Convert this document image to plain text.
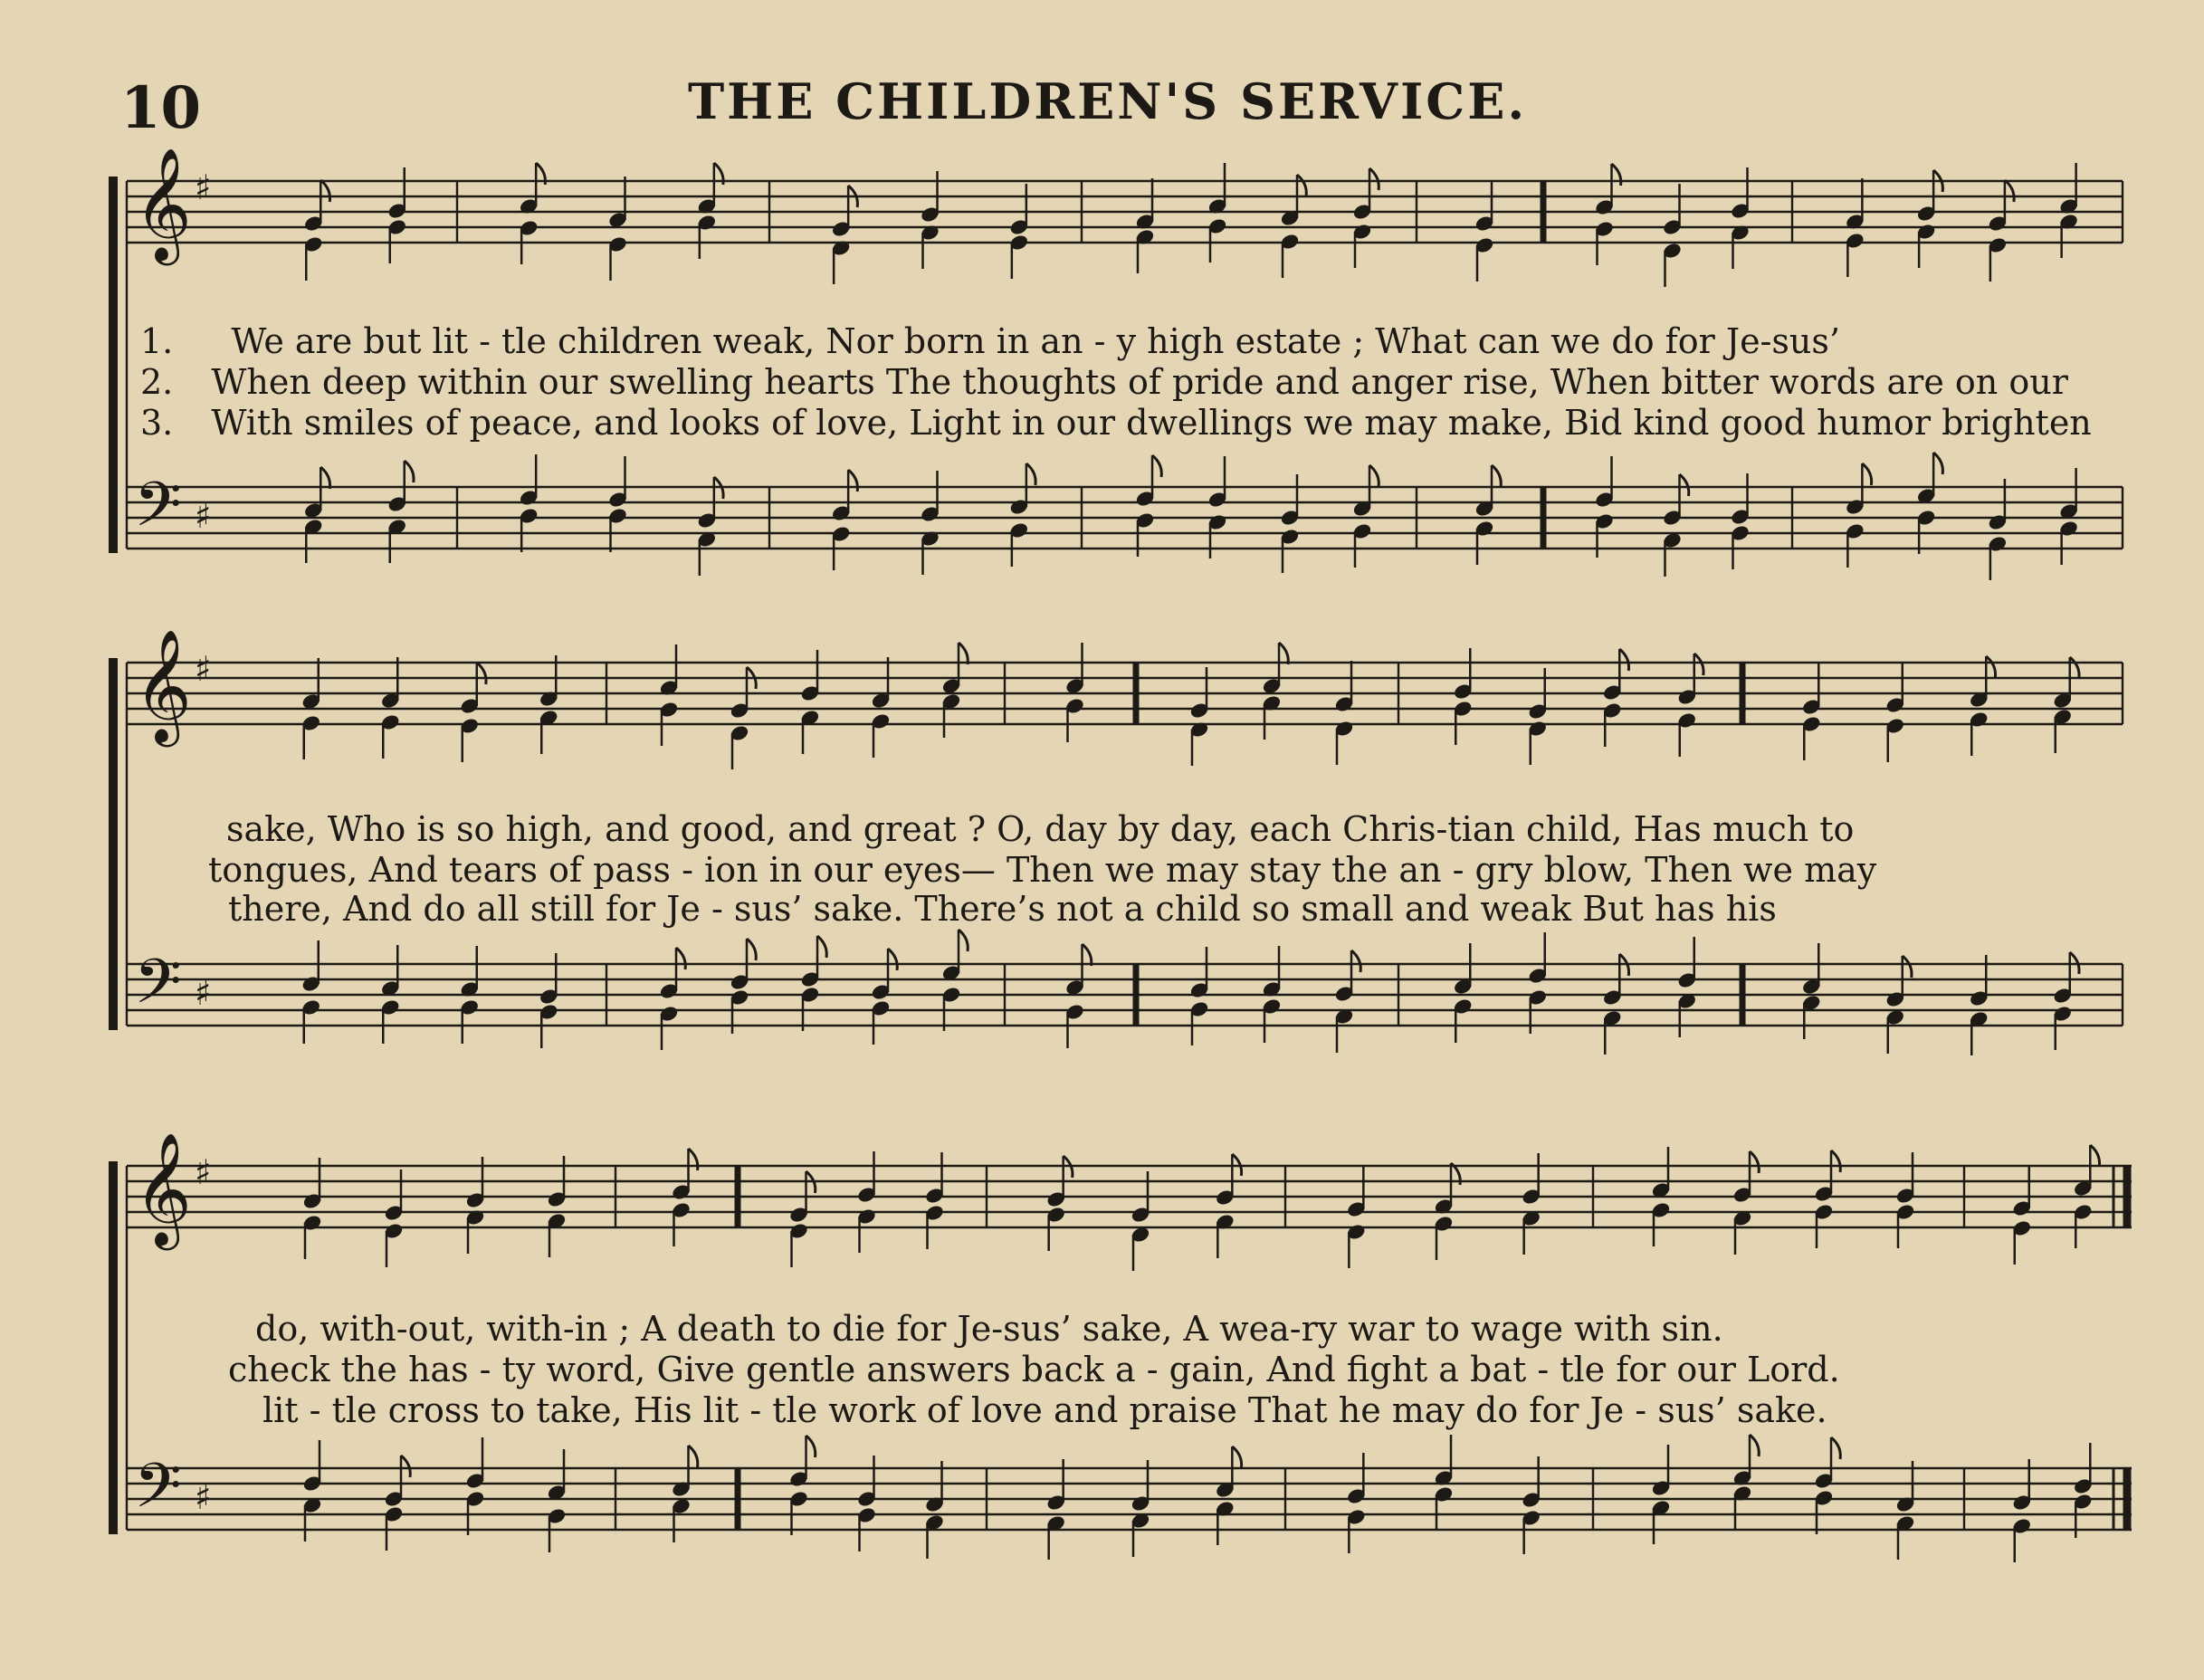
10	THE CHILDREN'S SERVICE.
𝄞 ♯
𝄢 ♯
𝄞 ♯
𝄢 ♯
𝄞 ♯
𝄢 ♯
1. We are but lit - tle children weak, Nor born in an - y high estate ; What can we do for Je-sus’
2. When deep within our swelling hearts The thoughts of pride and anger rise, When bitter words are on our
3. With smiles of peace, and looks of love, Light in our dwellings we may make, Bid kind good humor brighten
sake, Who is so high, and good, and great ? O, day by day, each Chris-tian child, Has much to
tongues, And tears of pass - ion in our eyes— Then we may stay the an - gry blow, Then we may
there, And do all still for Je - sus’ sake. There’s not a child so small and weak But has his
do, with-out, with-in ; A death to die for Je-sus’ sake, A wea-ry war to wage with sin.
check the has - ty word, Give gentle answers back a - gain, And fight a bat - tle for our Lord.
lit - tle cross to take, His lit - tle work of love and praise That he may do for Je - sus’ sake.
